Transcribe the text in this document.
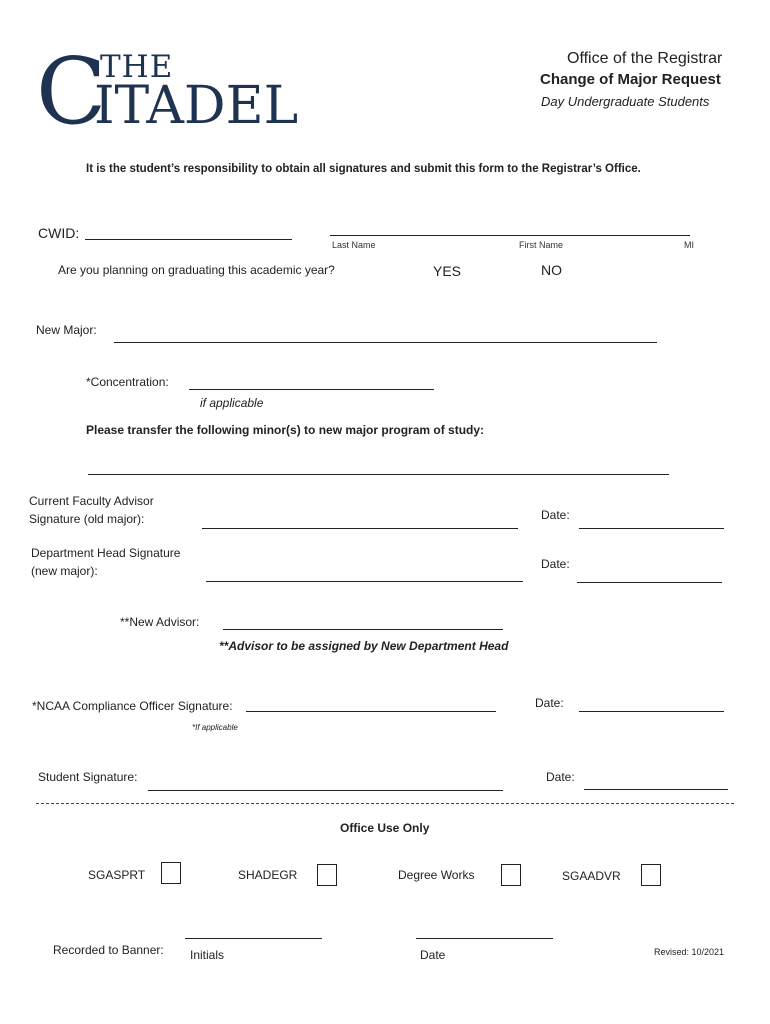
C
THE
ITADEL
Office of the Registrar
Change of Major Request
Day Undergraduate Students
It is the student’s responsibility to obtain all signatures and submit this form to the Registrar’s Office.
CWID:
Last Name	First Name	MI
Are you planning on graduating this academic year?	YES	NO
New Major:
*Concentration:
if applicable
Please transfer the following minor(s) to new major program of study:
Current Faculty Advisor
Signature (old major):	Date:
Department Head Signature
(new major):	Date:
**New Advisor:
**Advisor to be assigned by New Department Head
*NCAA Compliance Officer Signature:	Date:
*If applicable
Student Signature:	Date:
Office Use Only
SGASPRT	SHADEGR	Degree Works	SGAADVR
Recorded to Banner: Initials	Date	Revised: 10/2021
